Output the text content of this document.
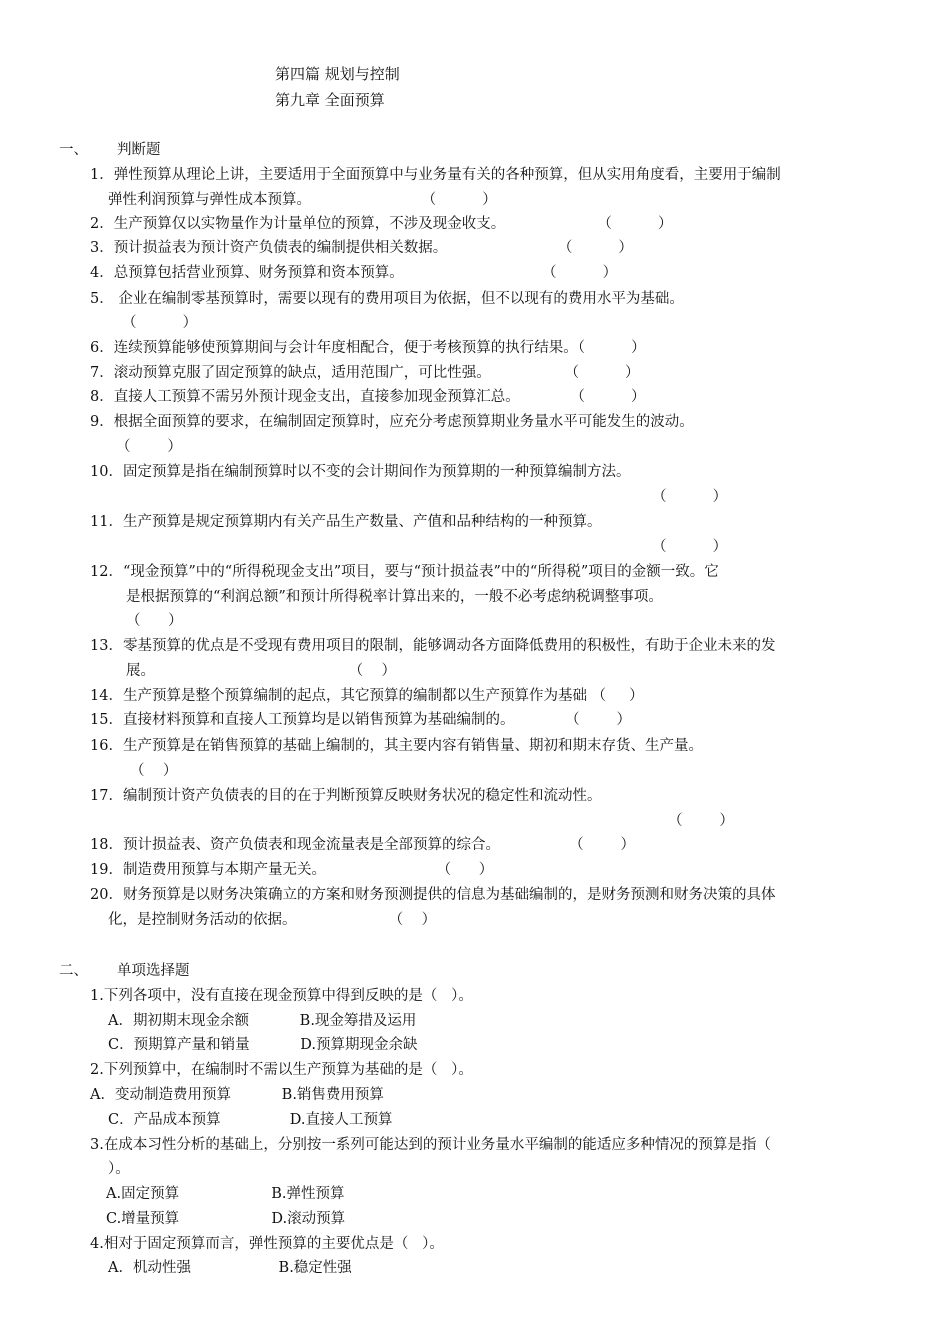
第四篇 规划与控制
第九章 全面预算
一、 判断题
1．弹性预算从理论上讲，主要适用于全面预算中与业务量有关的各种预算，但从实用角度看，主要用于编制
弹性利润预算与弹性成本预算。                        （          ）
2．生产预算仅以实物量作为计量单位的预算，不涉及现金收支。                    （          ）
3．预计损益表为预计资产负债表的编制提供相关数据。                        （          ）
4．总预算包括营业预算、财务预算和资本预算。                              （          ）
5． 企业在编制零基预算时，需要以现有的费用项目为依据，但不以现有的费用水平为基础。
（          ）
6．连续预算能够使预算期间与会计年度相配合，便于考核预算的执行结果。（          ）
7．滚动预算克服了固定预算的缺点，适用范围广，可比性强。                （          ）
8．直接人工预算不需另外预计现金支出，直接参加现金预算汇总。           （          ）
9．根据全面预算的要求，在编制固定预算时，应充分考虑预算期业务量水平可能发生的波动。
（        ）
10．固定预算是指在编制预算时以不变的会计期间作为预算期的一种预算编制方法。
（          ）
11．生产预算是规定预算期内有关产品生产数量、产值和品种结构的一种预算。
（          ）
12．“现金预算”中的“所得税现金支出”项目，要与“预计损益表”中的“所得税”项目的金额一致。它
是根据预算的“利润总额”和预计所得税率计算出来的，一般不必考虑纳税调整事项。
（      ）
13．零基预算的优点是不受现有费用项目的限制，能够调动各方面降低费用的积极性，有助于企业未来的发
展。                                          （    ）
14．生产预算是整个预算编制的起点，其它预算的编制都以生产预算作为基础 （     ）
15．直接材料预算和直接人工预算均是以销售预算为基础编制的。           （        ）
16．生产预算是在销售预算的基础上编制的，其主要内容有销售量、期初和期末存货、生产量。
（    ）
17．编制预计资产负债表的目的在于判断预算反映财务状况的稳定性和流动性。
（        ）
18．预计损益表、资产负债表和现金流量表是全部预算的综合。               （        ）
19．制造费用预算与本期产量无关。                        （      ）
20．财务预算是以财务决策确立的方案和财务预测提供的信息为基础编制的，是财务预测和财务决策的具体
化，是控制财务活动的依据。                    （    ）
二、 单项选择题
1.下列各项中，没有直接在现金预算中得到反映的是（   ）。
A．期初期末现金余额           B.现金筹措及运用
C．预期算产量和销量           D.预算期现金余缺
2.下列预算中，在编制时不需以生产预算为基础的是（   ）。
A．变动制造费用预算           B.销售费用预算
C．产品成本预算               D.直接人工预算
3.在成本习性分析的基础上，分别按一系列可能达到的预计业务量水平编制的能适应多种情况的预算是指（
）。
A.固定预算                    B.弹性预算
C.增量预算                    D.滚动预算
4.相对于固定预算而言，弹性预算的主要优点是（   ）。
A．机动性强                   B.稳定性强
